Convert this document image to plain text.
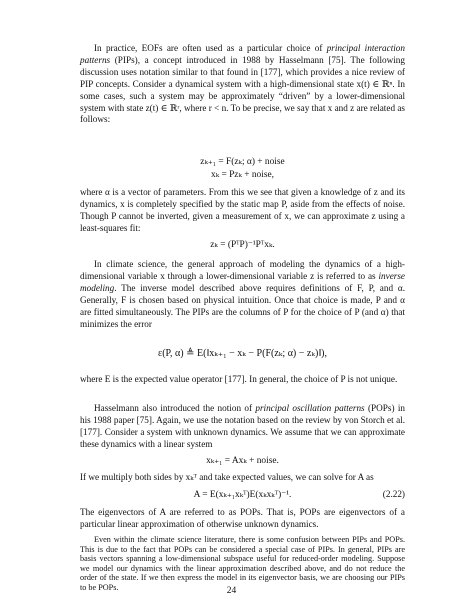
In practice, EOFs are often used as a particular choice of principal interaction patterns (PIPs), a concept introduced in 1988 by Hasselmann [75]. The following discussion uses notation similar to that found in [177], which provides a nice review of PIP concepts. Consider a dynamical system with a high-dimensional state x(t) ∈ ℝⁿ. In some cases, such a system may be approximately “driven” by a lower-dimensional system with state z(t) ∈ ℝʳ, where r < n. To be precise, we say that x and z are related as follows:

zₖ₊₁ = F(zₖ; α) + noise
xₖ = Pzₖ + noise,

where α is a vector of parameters. From this we see that given a knowledge of z and its dynamics, x is completely specified by the static map P, aside from the effects of noise. Though P cannot be inverted, given a measurement of x, we can approximate z using a least-squares fit:

zₖ = (PᵀP)⁻¹Pᵀxₖ.

In climate science, the general approach of modeling the dynamics of a high-dimensional variable x through a lower-dimensional variable z is referred to as inverse modeling. The inverse model described above requires definitions of F, P, and α. Generally, F is chosen based on physical intuition. Once that choice is made, P and α are fitted simultaneously. The PIPs are the columns of P for the choice of P (and α) that minimizes the error

ε(P, α) ≜ E(‖xₖ₊₁ − xₖ − P(F(zₖ; α) − zₖ)‖),

where E is the expected value operator [177]. In general, the choice of P is not unique.

Hasselmann also introduced the notion of principal oscillation patterns (POPs) in his 1988 paper [75]. Again, we use the notation based on the review by von Storch et al. [177]. Consider a system with unknown dynamics. We assume that we can approximate these dynamics with a linear system

xₖ₊₁ = Axₖ + noise.

If we multiply both sides by xₖᵀ and take expected values, we can solve for A as

A = E(xₖ₊₁xₖᵀ)E(xₖxₖᵀ)⁻¹.	(2.22)

The eigenvectors of A are referred to as POPs. That is, POPs are eigenvectors of a particular linear approximation of otherwise unknown dynamics.

Even within the climate science literature, there is some confusion between PIPs and POPs. This is due to the fact that POPs can be considered a special case of PIPs. In general, PIPs are basis vectors spanning a low-dimensional subspace useful for reduced-order modeling. Suppose we model our dynamics with the linear approximation described above, and do not reduce the order of the state. If we then express the model in its eigenvector basis, we are choosing our PIPs to be POPs.	24
